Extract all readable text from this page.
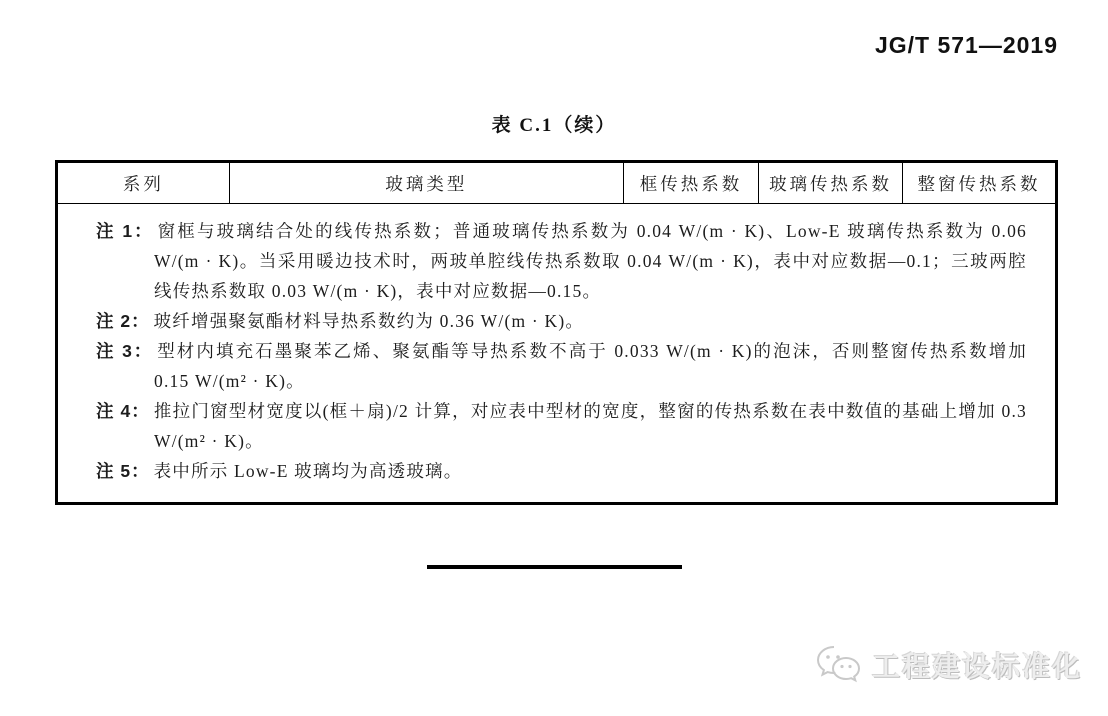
JG/T 571—2019
表 C.1（续）
系列	玻璃类型	框传热系数	玻璃传热系数	整窗传热系数

注 1： 窗框与玻璃结合处的线传热系数；普通玻璃传热系数为 0.04 W/(m · K)、Low-E 玻璃传热系数为 0.06 W/(m · K)。当采用暖边技术时，两玻单腔线传热系数取 0.04 W/(m · K)，表中对应数据—0.1；三玻两腔线传热系数取 0.03 W/(m · K)，表中对应数据—0.15。

注 2： 玻纤增强聚氨酯材料导热系数约为 0.36 W/(m · K)。

注 3： 型材内填充石墨聚苯乙烯、聚氨酯等导热系数不高于 0.033 W/(m · K)的泡沫，否则整窗传热系数增加 0.15 W/(m² · K)。

注 4： 推拉门窗型材宽度以(框＋扇)/2 计算，对应表中型材的宽度，整窗的传热系数在表中数值的基础上增加 0.3 W/(m² · K)。

注 5： 表中所示 Low-E 玻璃均为高透玻璃。

工程建设标准化
